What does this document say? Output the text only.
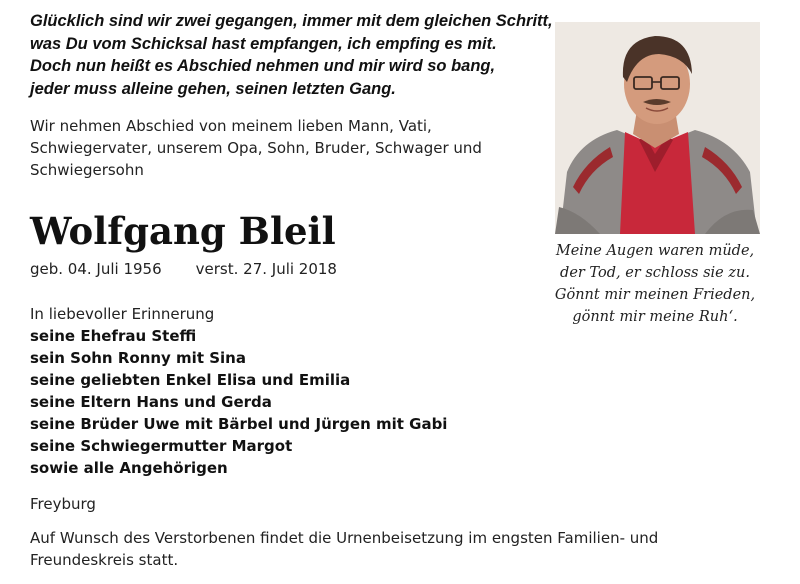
Glücklich sind wir zwei gegangen, immer mit dem gleichen Schritt,
was Du vom Schicksal hast empfangen, ich empfing es mit.
Doch nun heißt es Abschied nehmen und mir wird so bang,
jeder muss alleine gehen, seinen letzten Gang.
Wir nehmen Abschied von meinem lieben Mann, Vati,
Schwiegervater, unserem Opa, Sohn, Bruder, Schwager und
Schwiegersohn
Wolfgang Bleil
geb. 04. Juli 1956 verst. 27. Juli 2018
In liebevoller Erinnerung
seine Ehefrau Steffi
sein Sohn Ronny mit Sina
seine geliebten Enkel Elisa und Emilia
seine Eltern Hans und Gerda
seine Brüder Uwe mit Bärbel und Jürgen mit Gabi
seine Schwiegermutter Margot
sowie alle Angehörigen
Freyburg
Auf Wunsch des Verstorbenen findet die Urnenbeisetzung im engsten Familien- und
Freundeskreis statt.
Meine Augen waren müde,
der Tod, er schloss sie zu.
Gönnt mir meinen Frieden,
gönnt mir meine Ruh‘.
